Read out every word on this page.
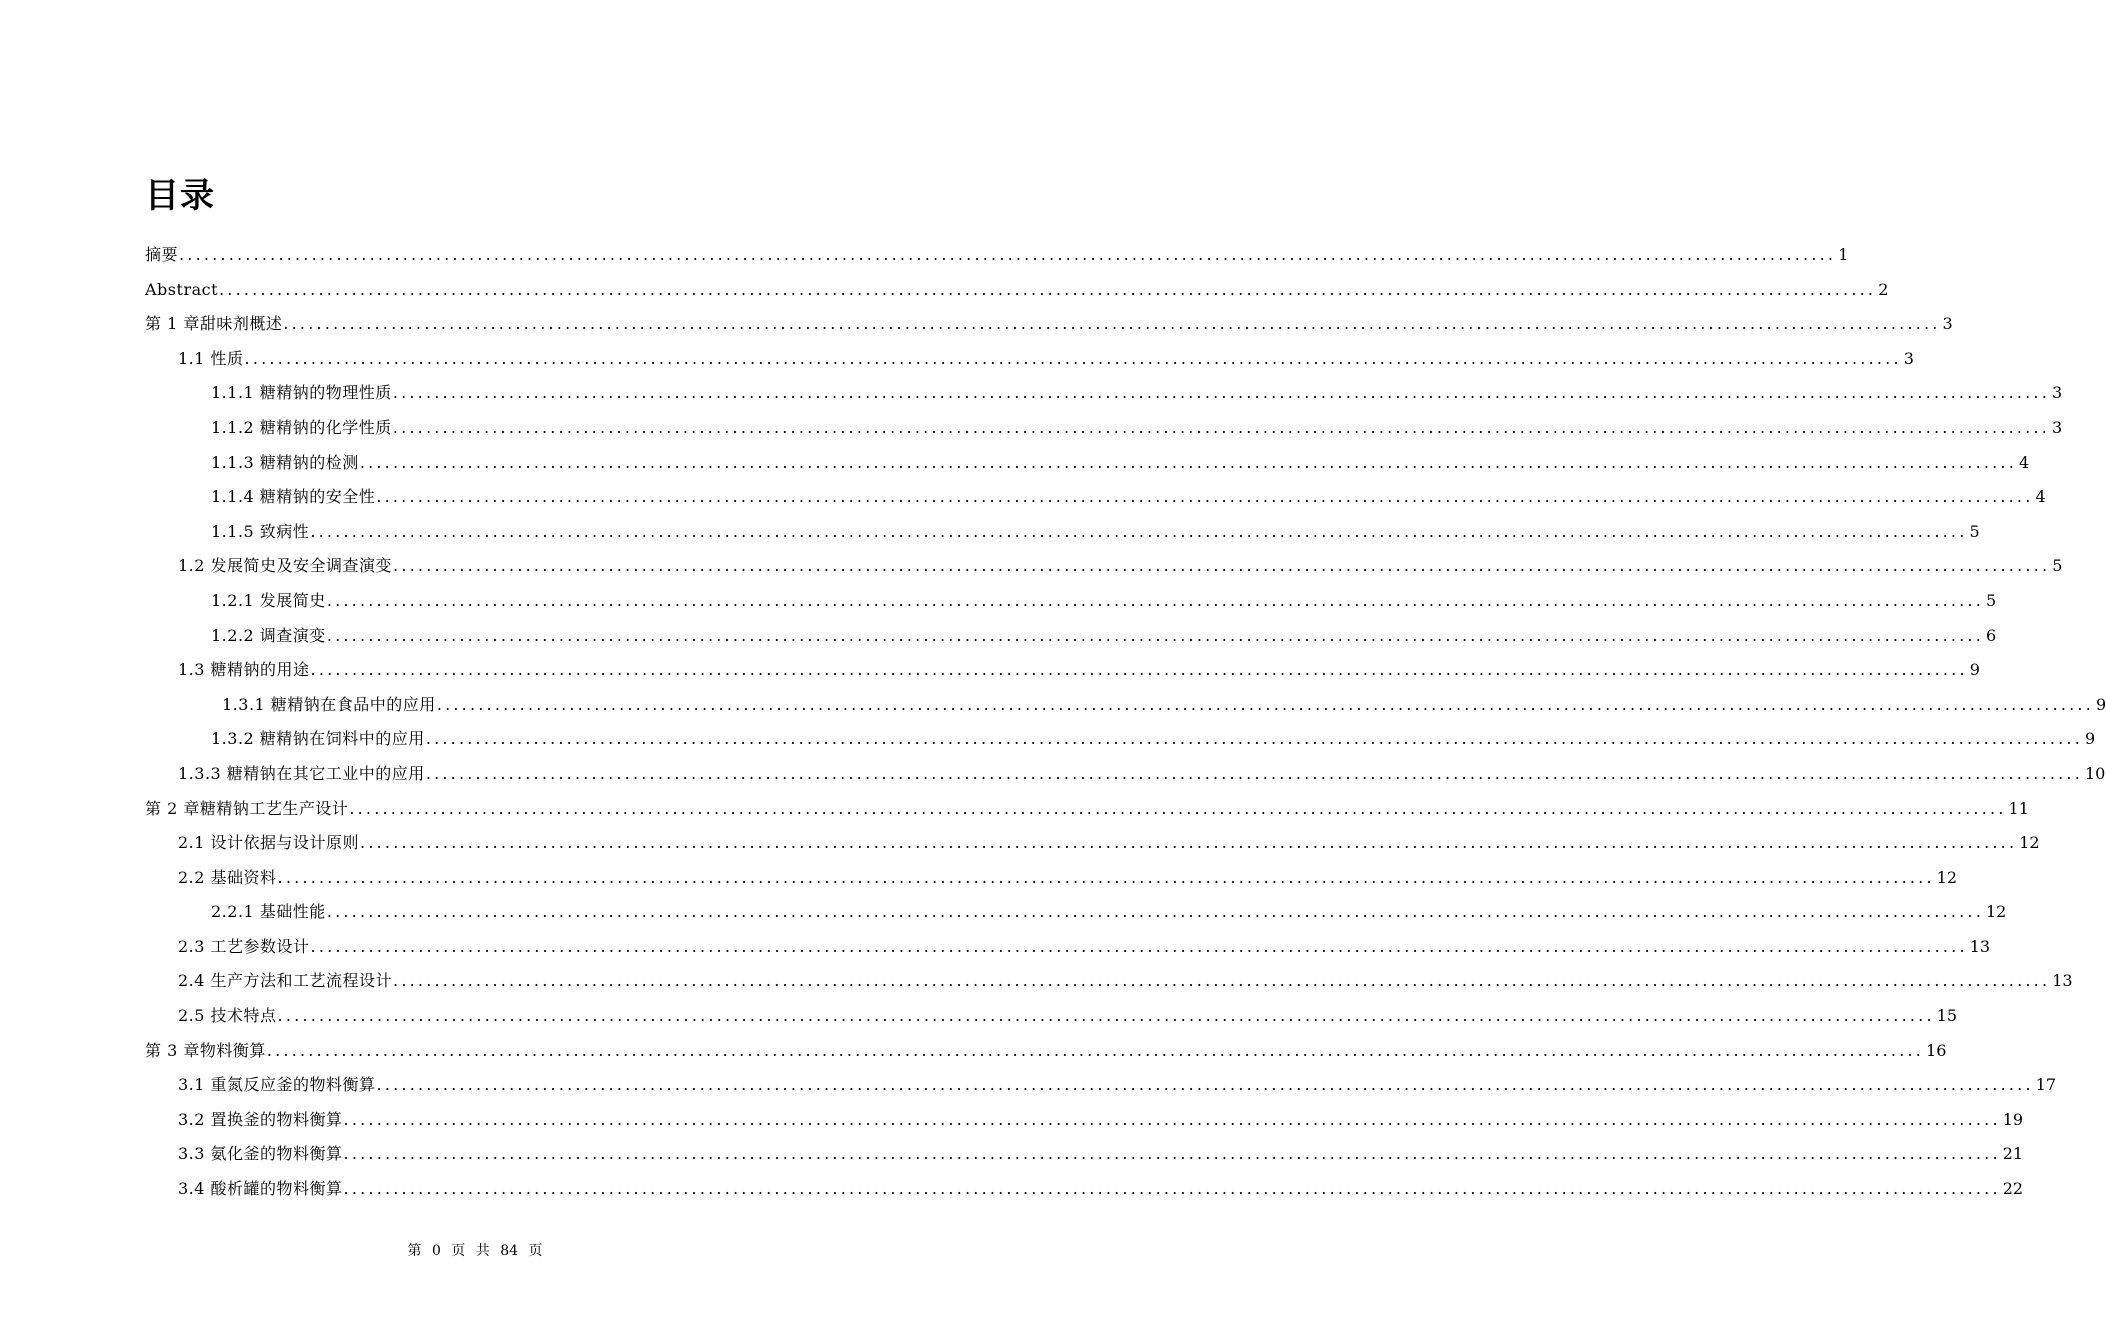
目录
摘要 ........................................................................................................................................................................................................ 1
Abstract ........................................................................................................................................................................................................ 2
第 1 章甜味剂概述 ........................................................................................................................................................................................................ 3
1.1 性质 ........................................................................................................................................................................................................ 3
1.1.1 糖精钠的物理性质 ........................................................................................................................................................................................................ 3
1.1.2 糖精钠的化学性质 ........................................................................................................................................................................................................ 3
1.1.3 糖精钠的检测 ........................................................................................................................................................................................................ 4
1.1.4 糖精钠的安全性 ........................................................................................................................................................................................................ 4
1.1.5 致病性 ........................................................................................................................................................................................................ 5
1.2 发展简史及安全调查演变 ........................................................................................................................................................................................................ 5
1.2.1 发展简史 ........................................................................................................................................................................................................ 5
1.2.2 调查演变 ........................................................................................................................................................................................................ 6
1.3 糖精钠的用途 ........................................................................................................................................................................................................ 9
1.3.1 糖精钠在食品中的应用 ........................................................................................................................................................................................................ 9
1.3.2 糖精钠在饲料中的应用 ........................................................................................................................................................................................................ 9
1.3.3 糖精钠在其它工业中的应用 ........................................................................................................................................................................................................ 10
第 2 章糖精钠工艺生产设计 ........................................................................................................................................................................................................ 11
2.1 设计依据与设计原则 ........................................................................................................................................................................................................ 12
2.2 基础资料 ........................................................................................................................................................................................................ 12
2.2.1 基础性能 ........................................................................................................................................................................................................ 12
2.3 工艺参数设计 ........................................................................................................................................................................................................ 13
2.4 生产方法和工艺流程设计 ........................................................................................................................................................................................................ 13
2.5 技术特点 ........................................................................................................................................................................................................ 15
第 3 章物料衡算 ........................................................................................................................................................................................................ 16
3.1 重氮反应釜的物料衡算 ........................................................................................................................................................................................................ 17
3.2 置换釜的物料衡算 ........................................................................................................................................................................................................ 19
3.3 氨化釜的物料衡算 ........................................................................................................................................................................................................ 21
3.4 酸析罐的物料衡算 ........................................................................................................................................................................................................ 22
第 0 页 共 84 页
